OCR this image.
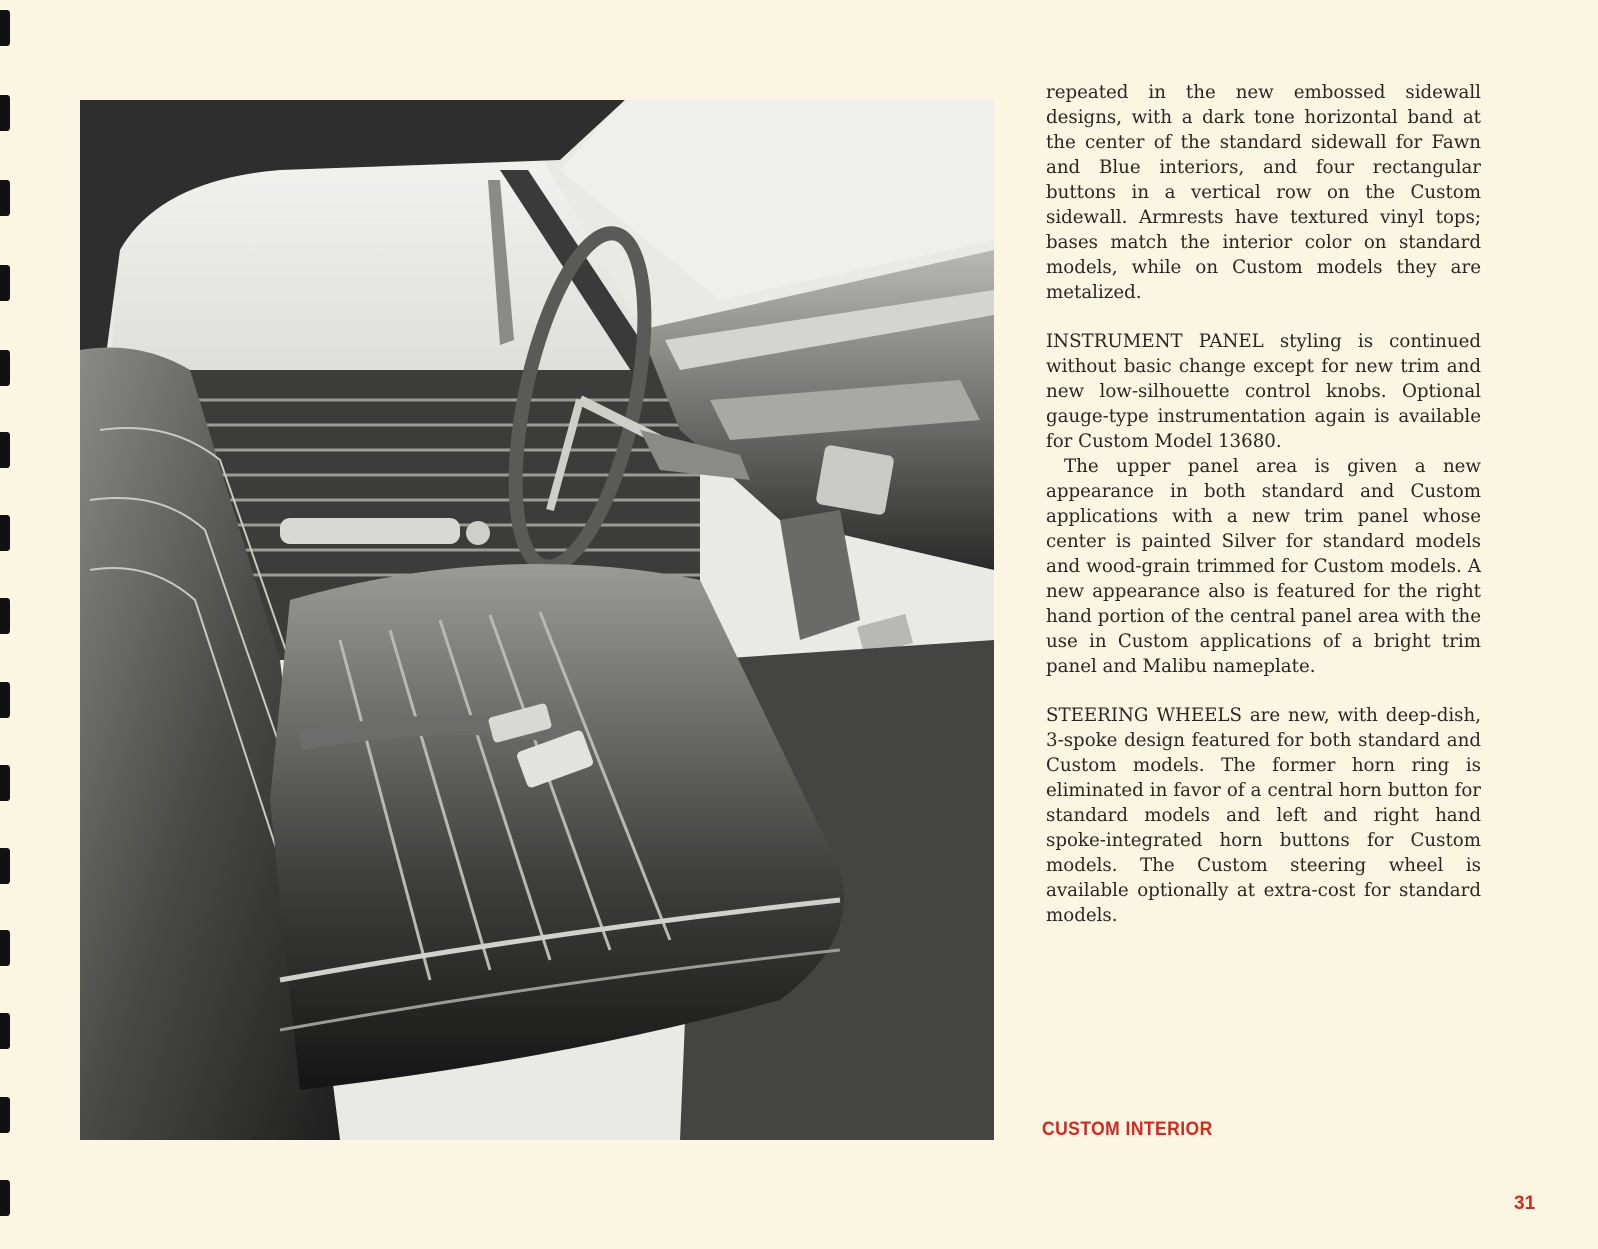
repeated in the new embossed sidewall designs, with a dark tone horizontal band at the center of the standard sidewall for Fawn and Blue interiors, and four rectangular buttons in a vertical row on the Custom sidewall. Armrests have textured vinyl tops; bases match the interior color on standard models, while on Custom models they are metalized.

INSTRUMENT PANEL styling is continued without basic change except for new trim and new low-silhouette control knobs. Optional gauge-type instrumentation again is available for Custom Model 13680.

The upper panel area is given a new appearance in both standard and Custom applications with a new trim panel whose center is painted Silver for standard models and wood-grain trimmed for Custom models. A new appearance also is featured for the right hand portion of the central panel area with the use in Custom applications of a bright trim panel and Malibu nameplate.

STEERING WHEELS are new, with deep-dish, 3-spoke design featured for both standard and Custom models. The former horn ring is eliminated in favor of a central horn button for standard models and left and right hand spoke-integrated horn buttons for Custom models. The Custom steering wheel is available optionally at extra-cost for standard models.

CUSTOM INTERIOR
31
